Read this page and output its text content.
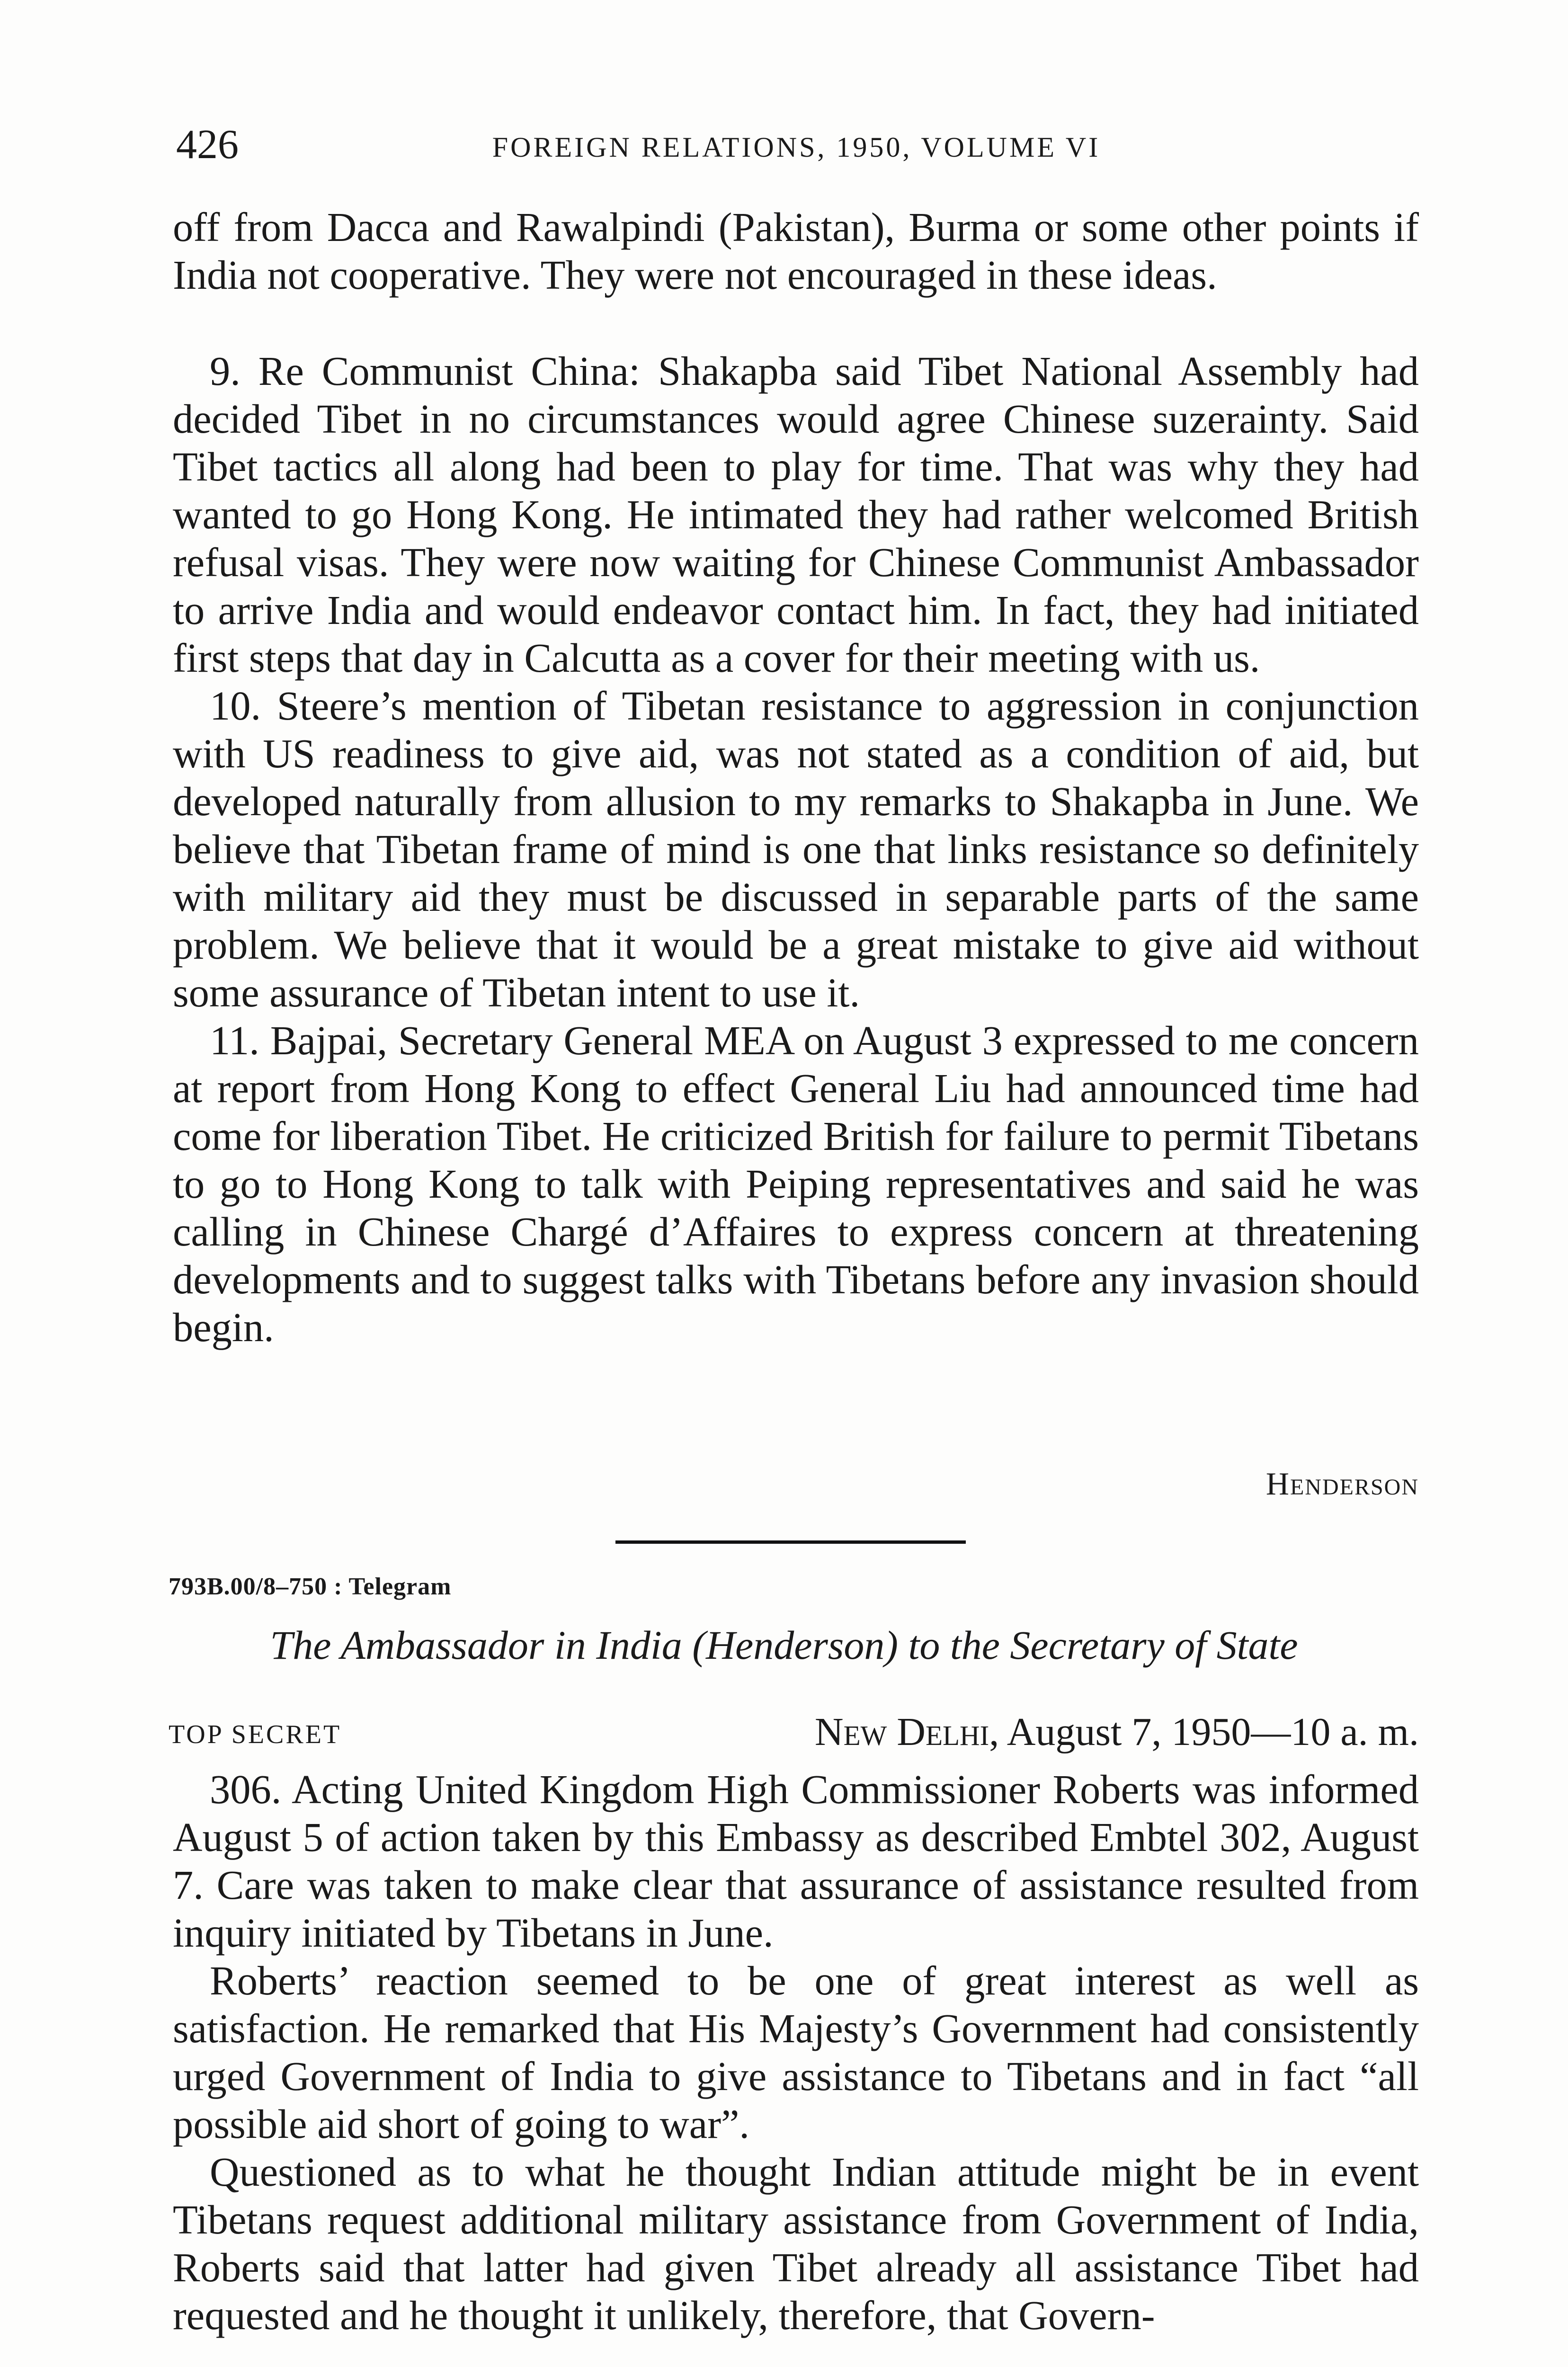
426	FOREIGN RELATIONS, 1950, VOLUME VI

off from Dacca and Rawalpindi (Pakistan), Burma or some other points if India not cooperative. They were not encouraged in these ideas.

9. Re Communist China: Shakapba said Tibet National Assembly had decided Tibet in no circumstances would agree Chinese suzerainty. Said Tibet tactics all along had been to play for time. That was why they had wanted to go Hong Kong. He intimated they had rather welcomed British refusal visas. They were now waiting for Chinese Communist Ambassador to arrive India and would endeavor contact him. In fact, they had initiated first steps that day in Calcutta as a cover for their meeting with us.

10. Steere’s mention of Tibetan resistance to aggression in conjunction with US readiness to give aid, was not stated as a condition of aid, but developed naturally from allusion to my remarks to Shakapba in June. We believe that Tibetan frame of mind is one that links resistance so definitely with military aid they must be discussed in separable parts of the same problem. We believe that it would be a great mistake to give aid without some assurance of Tibetan intent to use it.

11. Bajpai, Secretary General MEA on August 3 expressed to me concern at report from Hong Kong to effect General Liu had announced time had come for liberation Tibet. He criticized British for failure to permit Tibetans to go to Hong Kong to talk with Peiping representatives and said he was calling in Chinese Chargé d’Affaires to express concern at threatening developments and to suggest talks with Tibetans before any invasion should begin.

Henderson
793B.00/8–750 : Telegram
The Ambassador in India (Henderson) to the Secretary of State
TOP SECRET	New Delhi, August 7, 1950—10 a. m.

306. Acting United Kingdom High Commissioner Roberts was informed August 5 of action taken by this Embassy as described Embtel 302, August 7. Care was taken to make clear that assurance of assistance resulted from inquiry initiated by Tibetans in June.

Roberts’ reaction seemed to be one of great interest as well as satisfaction. He remarked that His Majesty’s Government had consistently urged Government of India to give assistance to Tibetans and in fact “all possible aid short of going to war”.

Questioned as to what he thought Indian attitude might be in event Tibetans request additional military assistance from Government of India, Roberts said that latter had given Tibet already all assistance Tibet had requested and he thought it unlikely, therefore, that Govern-
